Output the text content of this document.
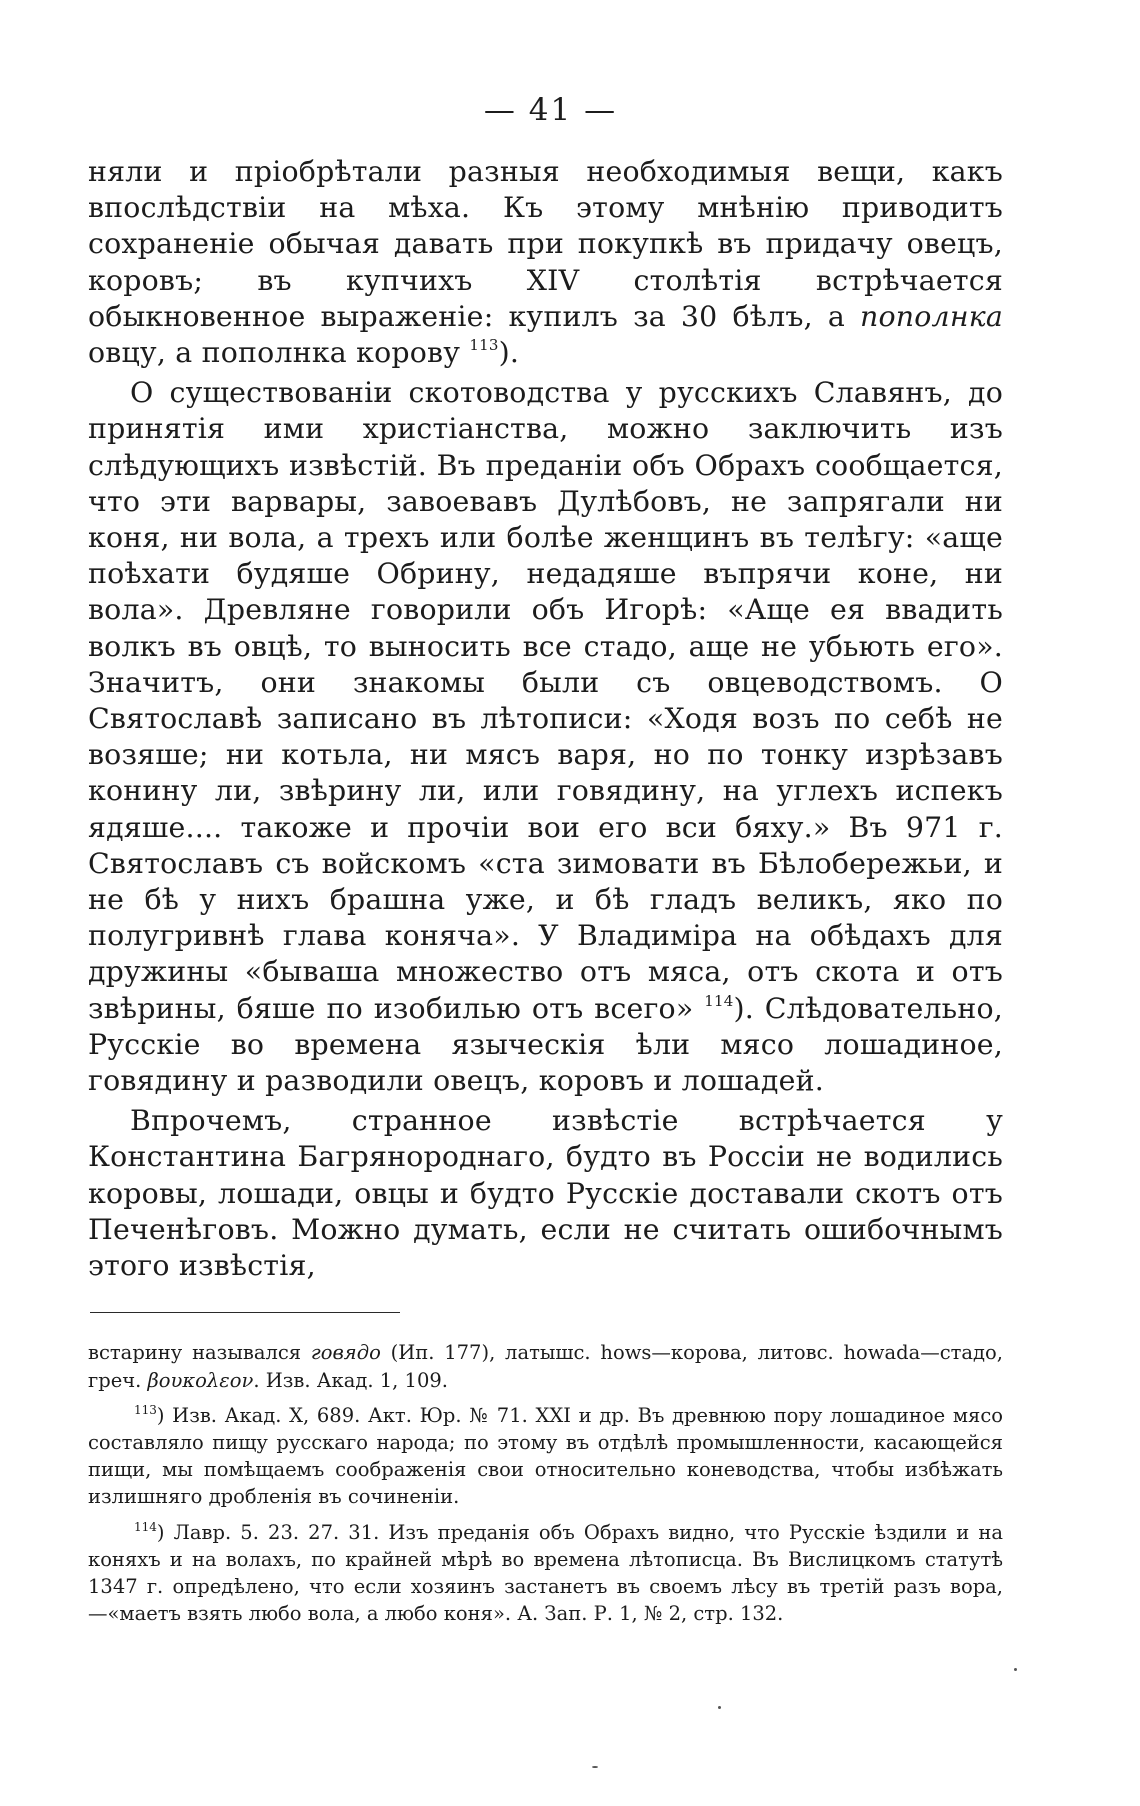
— 41 —

няли и пріобрѣтали разныя необходимыя вещи, какъ впослѣдствіи на мѣха. Къ этому мнѣнію приводитъ сохраненіе обычая давать при покупкѣ въ придачу овецъ, коровъ; въ купчихъ XIV столѣтія встрѣчается обыкновенное выраженіе: купилъ за 30 бѣлъ, а пополнка овцу, а пополнка корову $^{113}$).

О существованіи скотоводства у русскихъ Славянъ, до принятія ими христіанства, можно заключить изъ слѣдующихъ извѣстій. Въ преданіи объ Обрахъ сообщается, что эти варвары, завоевавъ Дулѣбовъ, не запрягали ни коня, ни вола, а трехъ или болѣе женщинъ въ телѣгу: «аще поѣхати будяше Обрину, недадяше въпрячи коне, ни вола». Древляне говорили объ Игорѣ: «Аще ея ввадить волкъ въ овцѣ, то выносить все стадо, аще не убьють его». Значитъ, они знакомы были съ овцеводствомъ. О Святославѣ записано въ лѣтописи: «Ходя возъ по себѣ не возяше; ни котьла, ни мясъ варя, но по тонку изрѣзавъ конину ли, звѣрину ли, или говядину, на углехъ испекъ ядяше.... такоже и прочіи вои его вси бяху.» Въ 971 г. Святославъ съ войскомъ «ста зимовати въ Бѣлобережьи, и не бѣ у нихъ брашна уже, и бѣ гладъ великъ, яко по полугривнѣ глава коняча». У Владиміра на обѣдахъ для дружины «бываша множество отъ мяса, отъ скота и отъ звѣрины, бяше по изобилью отъ всего» $^{114}$). Слѣдовательно, Русскіе во времена языческія ѣли мясо лошадиное, говядину и разводили овецъ, коровъ и лошадей.

Впрочемъ, странное извѣстіе встрѣчается у Константина Багрянороднаго, будто въ Россіи не водились коровы, лошади, овцы и будто Русскіе доставали скотъ отъ Печенѣговъ. Можно думать, если не считать ошибочнымъ этого извѣстія,

встарину назывался говядо (Ип. 177), латышс. hows—корова, литовс. howada—стадо, греч. βουκολεον. Изв. Акад. 1, 109.

$^{113}$) Изв. Акад. X, 689. Акт. Юр. № 71. XXI и др. Въ древнюю пору лошадиное мясо составляло пищу русскаго народа; по этому въ отдѣлѣ промышленности, касающейся пищи, мы помѣщаемъ соображенія свои относительно коневодства, чтобы избѣжать излишняго дробленія въ сочиненіи.

$^{114}$) Лавр. 5. 23. 27. 31. Изъ преданія объ Обрахъ видно, что Русскіе ѣздили и на коняхъ и на волахъ, по крайней мѣрѣ во времена лѣтописца. Въ Вислицкомъ статутѣ 1347 г. опредѣлено, что если хозяинъ застанетъ въ своемъ лѣсу въ третій разъ вора,—«маетъ взять любо вола, а любо коня». А. Зап. Р. 1, № 2, стр. 132.
